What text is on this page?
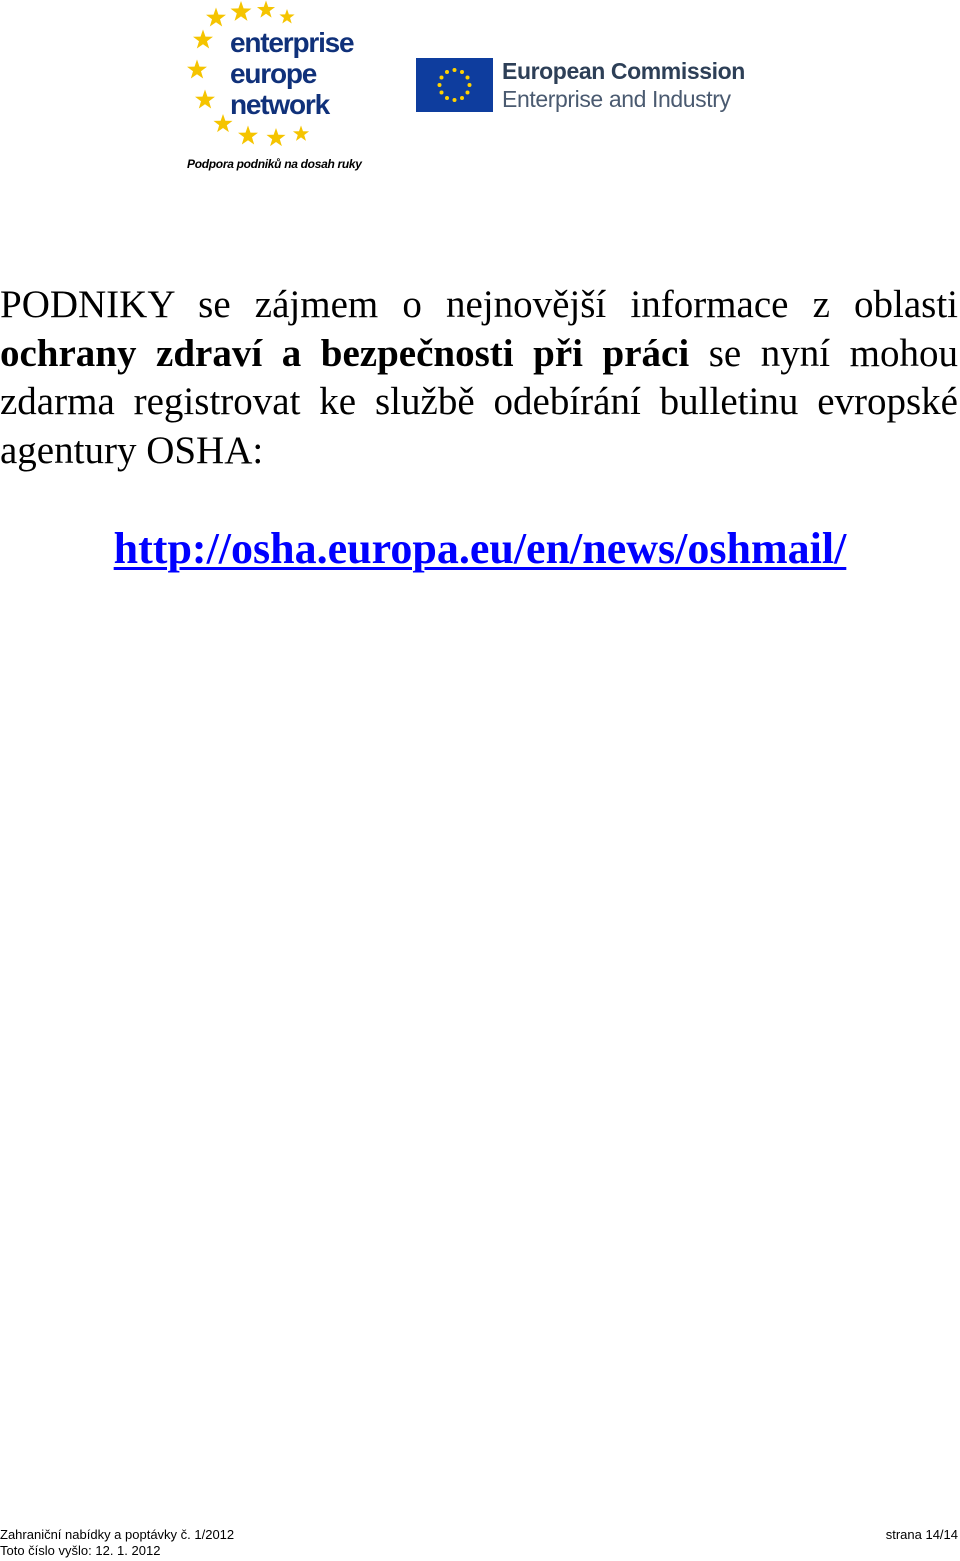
enterprise
europe
network
Podpora podniků na dosah ruky
European Commission
Enterprise and Industry

PODNIKY se zájmem o nejnovější informace z oblasti ochrany zdraví a bezpečnosti při práci se nyní mohou zdarma registrovat ke službě odebírání bulletinu evropské agentury OSHA:

http://osha.europa.eu/en/news/oshmail/
Zahraniční nabídky a poptávky č. 1/2012
Toto číslo vyšlo: 12. 1. 2012
strana 14/14
